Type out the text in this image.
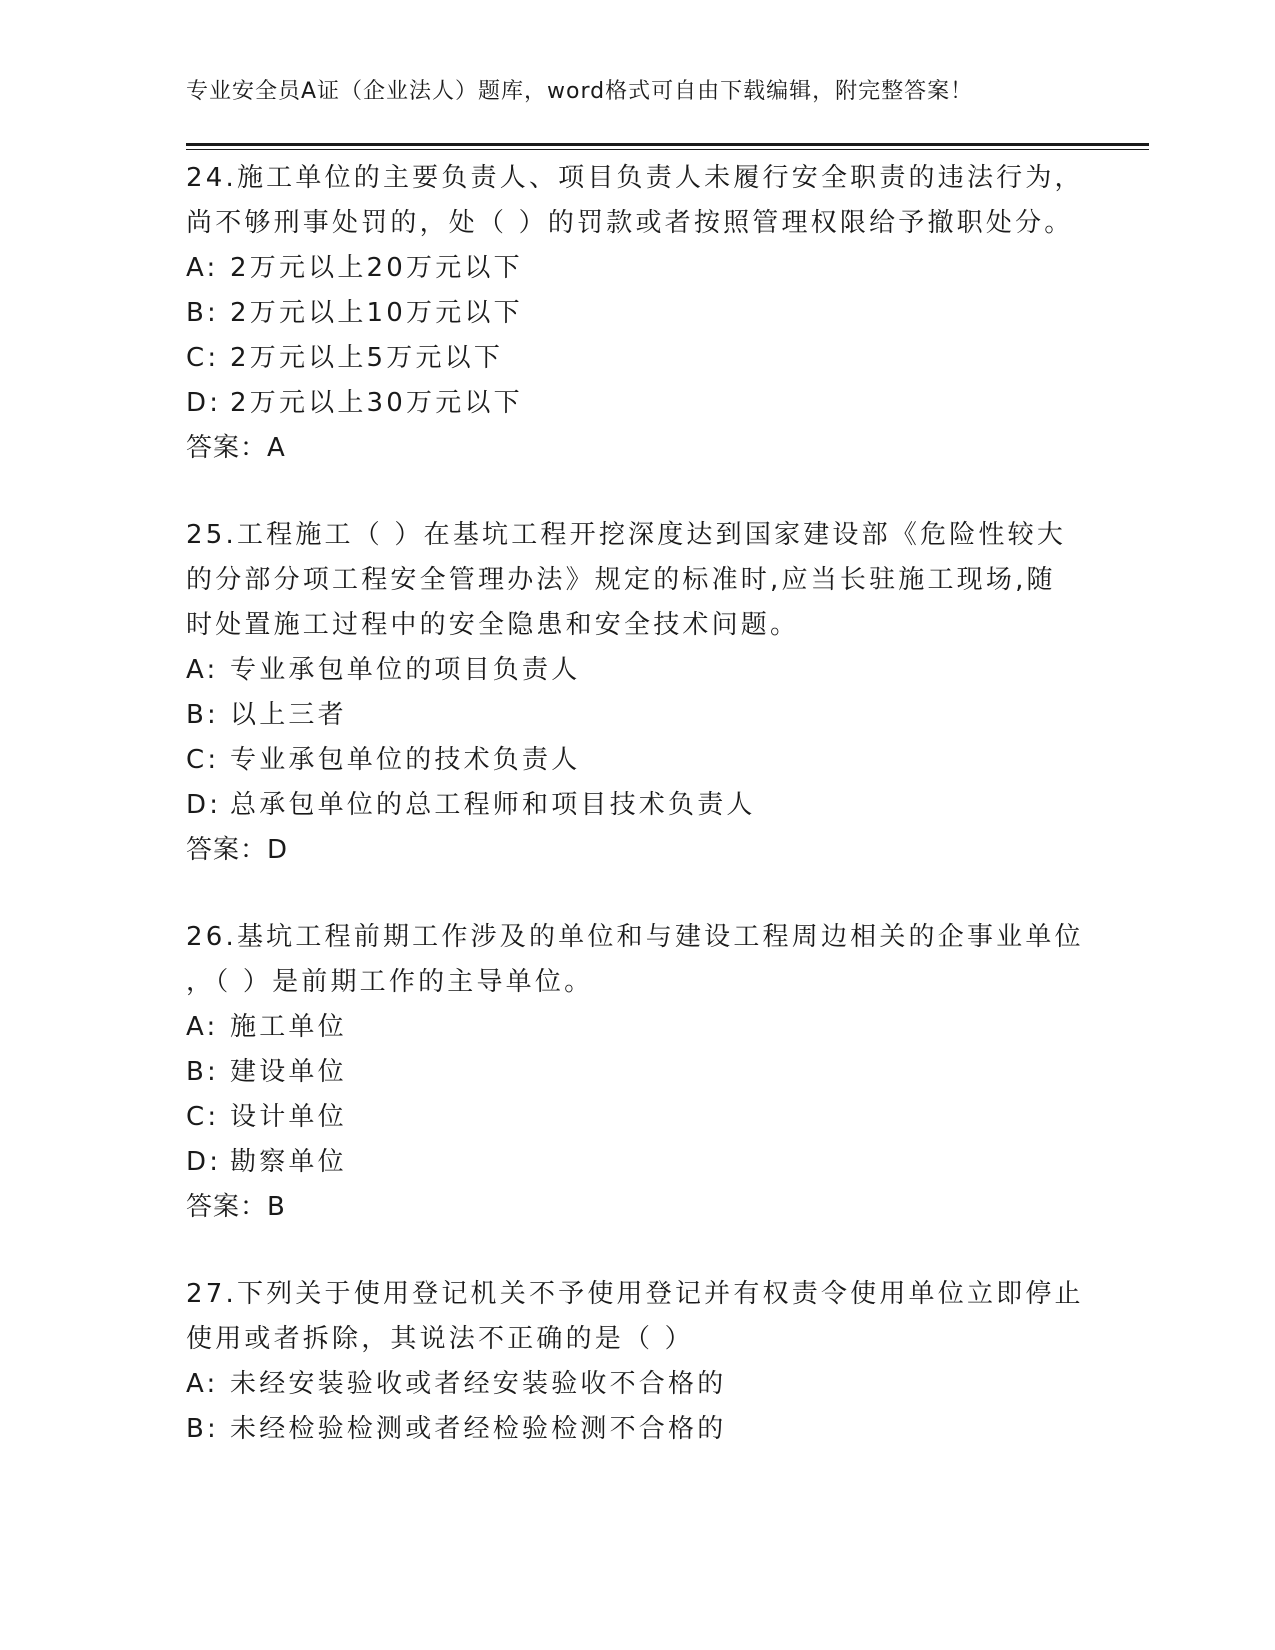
专业安全员A证（企业法人）题库，word格式可自由下载编辑，附完整答案！

24.施工单位的主要负责人、项目负责人未履行安全职责的违法行为，
尚不够刑事处罚的，处（ ）的罚款或者按照管理权限给予撤职处分。

A: 2万元以上20万元以下
B: 2万元以上10万元以下
C: 2万元以上5万元以下
D: 2万元以上30万元以下
答案：A

25.工程施工（ ）在基坑工程开挖深度达到国家建设部《危险性较大
的分部分项工程安全管理办法》规定的标准时,应当长驻施工现场,随
时处置施工过程中的安全隐患和安全技术问题。

A: 专业承包单位的项目负责人
B: 以上三者
C: 专业承包单位的技术负责人
D: 总承包单位的总工程师和项目技术负责人
答案：D

26.基坑工程前期工作涉及的单位和与建设工程周边相关的企事业单位
，（ ）是前期工作的主导单位。

A: 施工单位
B: 建设单位
C: 设计单位
D: 勘察单位
答案：B

27.下列关于使用登记机关不予使用登记并有权责令使用单位立即停止
使用或者拆除，其说法不正确的是（ ）

A: 未经安装验收或者经安装验收不合格的
B: 未经检验检测或者经检验检测不合格的
